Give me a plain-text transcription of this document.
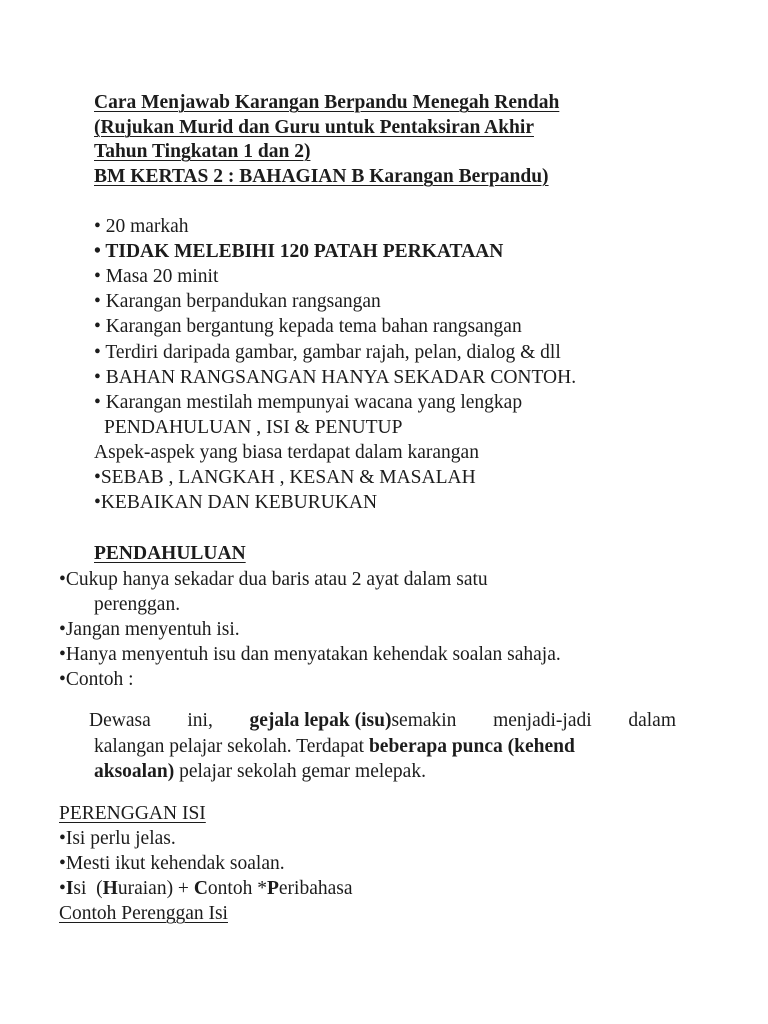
Cara Menjawab Karangan Berpandu Menegah Rendah
(Rujukan Murid dan Guru untuk Pentaksiran Akhir
Tahun Tingkatan 1 dan 2)
BM KERTAS 2 : BAHAGIAN B Karangan Berpandu)
• 20 markah
• TIDAK MELEBIHI 120 PATAH PERKATAAN
• Masa 20 minit
• Karangan berpandukan rangsangan
• Karangan bergantung kepada tema bahan rangsangan
• Terdiri daripada gambar, gambar rajah, pelan, dialog & dll
• BAHAN RANGSANGAN HANYA SEKADAR CONTOH.
• Karangan mestilah mempunyai wacana yang lengkap
PENDAHULUAN , ISI & PENUTUP
Aspek-aspek yang biasa terdapat dalam karangan
•SEBAB , LANGKAH , KESAN & MASALAH
•KEBAIKAN DAN KEBURUKAN
PENDAHULUAN
•Cukup hanya sekadar dua baris atau 2 ayat dalam satu
perenggan.
•Jangan menyentuh isi.
•Hanya menyentuh isu dan menyatakan kehendak soalan sahaja.
•Contoh :
Dewasa ini, gejala lepak (isu) semakin menjadi-jadi dalam
kalangan pelajar sekolah. Terdapat beberapa punca (kehend
aksoalan) pelajar sekolah gemar melepak.
PERENGGAN ISI
•Isi perlu jelas.
•Mesti ikut kehendak soalan.
•Isi  (Huraian) + Contoh *Peribahasa
Contoh Perenggan Isi
